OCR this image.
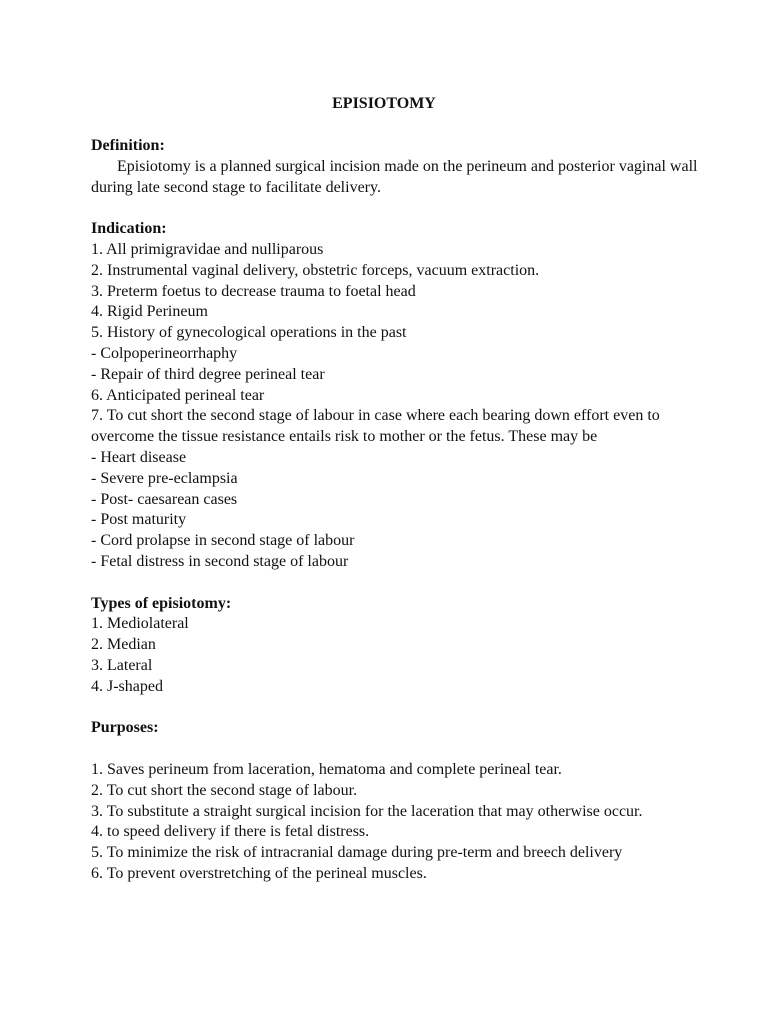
EPISIOTOMY

Definition:

Episiotomy is a planned surgical incision made on the perineum and posterior vaginal wall during late second stage to facilitate delivery.

Indication:

1. All primigravidae and nulliparous

2. Instrumental vaginal delivery, obstetric forceps, vacuum extraction.

3. Preterm foetus to decrease trauma to foetal head

4. Rigid Perineum

5. History of gynecological operations in the past

- Colpoperineorrhaphy

- Repair of third degree perineal tear

6. Anticipated perineal tear

7. To cut short the second stage of labour in case where each bearing down effort even to overcome the tissue resistance entails risk to mother or the fetus. These may be

- Heart disease

- Severe pre-eclampsia

- Post- caesarean cases

- Post maturity

- Cord prolapse in second stage of labour

- Fetal distress in second stage of labour

Types of episiotomy:

1. Mediolateral

2. Median

3. Lateral

4. J-shaped

Purposes:

1. Saves perineum from laceration, hematoma and complete perineal tear.

2. To cut short the second stage of labour.

3. To substitute a straight surgical incision for the laceration that may otherwise occur.

4. to speed delivery if there is fetal distress.

5. To minimize the risk of intracranial damage during pre-term and breech delivery

6. To prevent overstretching of the perineal muscles.
